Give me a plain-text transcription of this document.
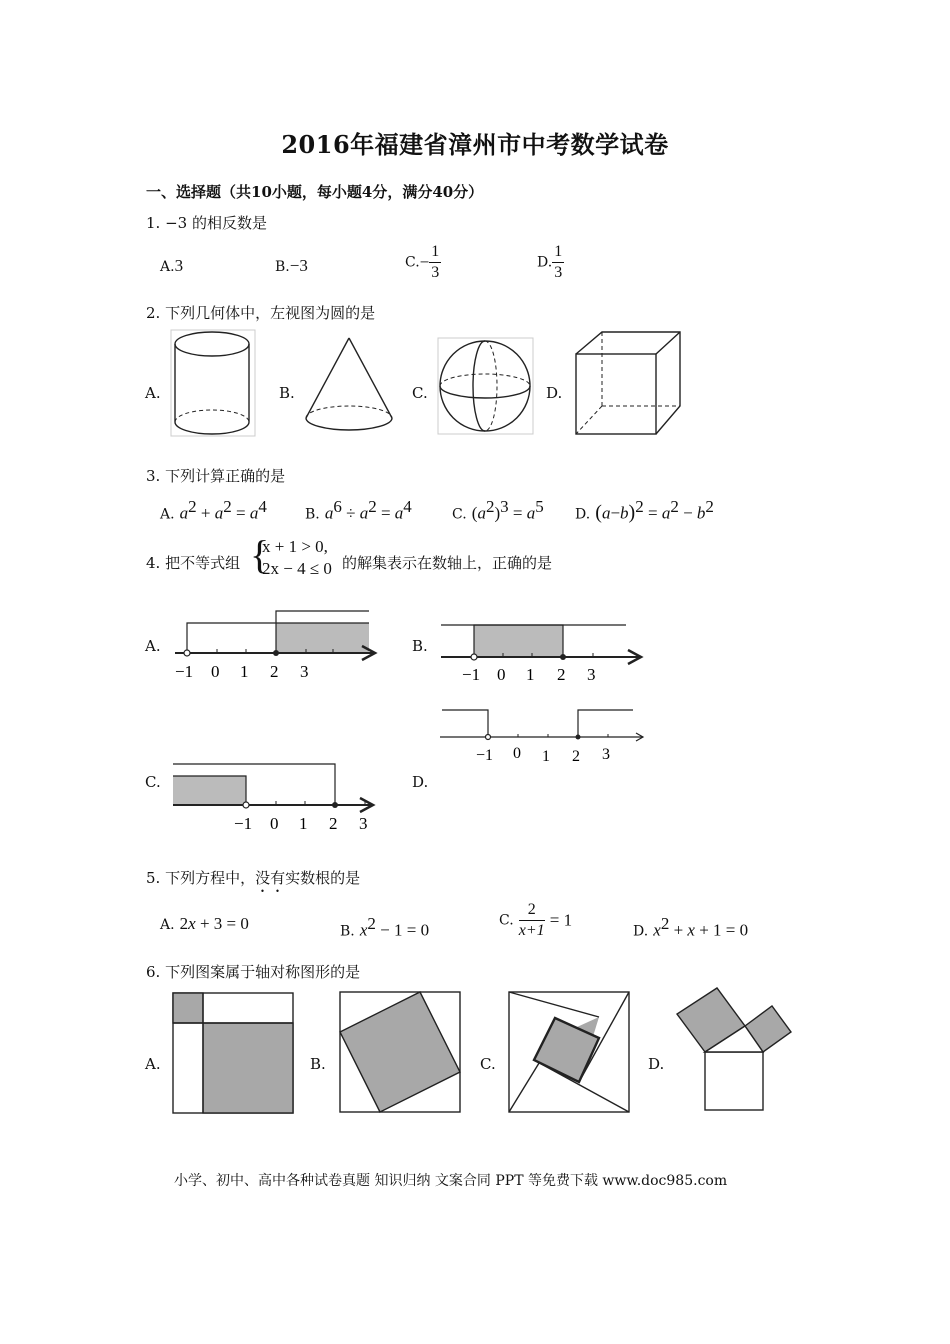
2016年福建省漳州市中考数学试卷
一、选择题（共10小题，每小题4分，满分40分）
1. −3 的相反数是
A.3	B.−3	$C.- \frac{1}{3}$	D. $\frac{1}{3}$
2. 下列几何体中，左视图为圆的是
A.	B.	C.	D.
3. 下列计算正确的是
A. $a^2 + a^2 = a^4$	B. $a^6 \div a^2 = a^4$	C. $(a^2)^3 = a^5$ D. $(a-b)^2 = a^2 - b^2$
4. 把不等式组 {
x + 1 > 0,
2x − 4 ≤ 0 的解集表示在数轴上，正确的是
A.	B.
C.	D.
−1 0 1 2 3	−1 0 1 2 3
−1 0 1 2 3
−1 0 1 2 3
5. 下列方程中，没有实数根的是
A. 2x + 3 = 0	B. $x^2 - 1 = 0$	C. $\frac{2}{x+1} = 1$
D. $x^2 + x + 1 = 0$
6. 下列图案属于轴对称图形的是
A.	B.	C.	D.
小学、初中、高中各种试卷真题 知识归纳 文案合同 PPT 等免费下载 www.doc985.com
